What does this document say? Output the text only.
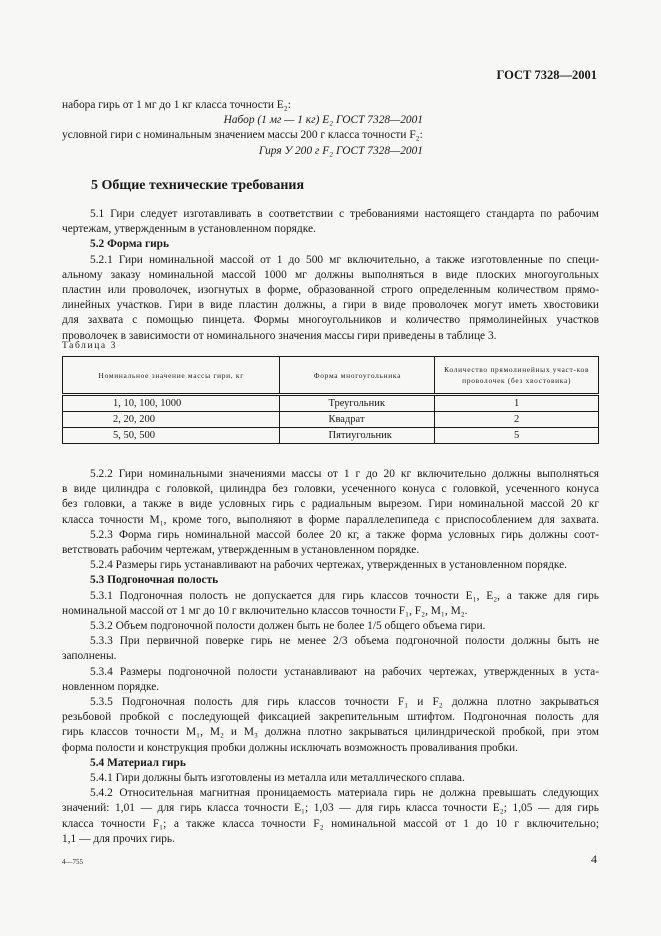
ГОСТ 7328—2001
набора гирь от 1 мг до 1 кг класса точности E₂:
Набор (1 мг — 1 кг) E₂ ГОСТ 7328—2001
условной гири с номинальным значением массы 200 г класса точности F₂:
Гиря У 200 г F₂ ГОСТ 7328—2001
5 Общие технические требования
5.1 Гири следует изготавливать в соответствии с требованиями настоящего стандарта по рабочим
чертежам, утвержденным в установленном порядке.
5.2 Форма гирь
5.2.1 Гири номинальной массой от 1 до 500 мг включительно, а также изготовленные по специ-
альному заказу номинальной массой 1000 мг должны выполняться в виде плоских многоугольных
пластин или проволочек, изогнутых в форме, образованной строго определенным количеством прямо-
линейных участков. Гири в виде пластин должны, а гири в виде проволочек могут иметь хвостовики
для захвата с помощью пинцета. Формы многоугольников и количество прямолинейных участков
проволочек в зависимости от номинального значения массы гири приведены в таблице 3.
Таблица 3
Номинальное значение массы гири, кг	Форма многоугольника	Количество прямолинейных участ-ков проволочек (без хвостовика)
1, 10, 100, 1000	Треугольник	1
2, 20, 200	Квадрат	2
5, 50, 500	Пятиугольник	5
5.2.2 Гири номинальными значениями массы от 1 г до 20 кг включительно должны выполняться
в виде цилиндра с головкой, цилиндра без головки, усеченного конуса с головкой, усеченного конуса
без головки, а также в виде условных гирь с радиальным вырезом. Гири номинальной массой 20 кг
класса точности M₁, кроме того, выполняют в форме параллелепипеда с приспособлением для захвата.
5.2.3 Форма гирь номинальной массой более 20 кг, а также форма условных гирь должны соот-
ветствовать рабочим чертежам, утвержденным в установленном порядке.
5.2.4 Размеры гирь устанавливают на рабочих чертежах, утвержденных в установленном порядке.
5.3 Подгоночная полость
5.3.1 Подгоночная полость не допускается для гирь классов точности E₁, E₂, а также для гирь
номинальной массой от 1 мг до 10 г включительно классов точности F₁, F₂, M₁, M₂.
5.3.2 Объем подгоночной полости должен быть не более 1/5 общего объема гири.
5.3.3 При первичной поверке гирь не менее 2/3 объема подгоночной полости должны быть не
заполнены.
5.3.4 Размеры подгоночной полости устанавливают на рабочих чертежах, утвержденных в уста-
новленном порядке.
5.3.5 Подгоночная полость для гирь классов точности F₁ и F₂ должна плотно закрываться
резьбовой пробкой с последующей фиксацией закрепительным штифтом. Подгоночная полость для
гирь классов точности M₁, M₂ и M₃ должна плотно закрываться цилиндрической пробкой, при этом
форма полости и конструкция пробки должны исключать возможность проваливания пробки.
5.4 Материал гирь
5.4.1 Гири должны быть изготовлены из металла или металлического сплава.
5.4.2 Относительная магнитная проницаемость материала гирь не должна превышать следующих
значений: 1,01 — для гирь класса точности E₁; 1,03 — для гирь класса точности E₂; 1,05 — для гирь
класса точности F₁; а также класса точности F₂ номинальной массой от 1 до 10 г включительно;
1,1 — для прочих гирь.
4—755	4
